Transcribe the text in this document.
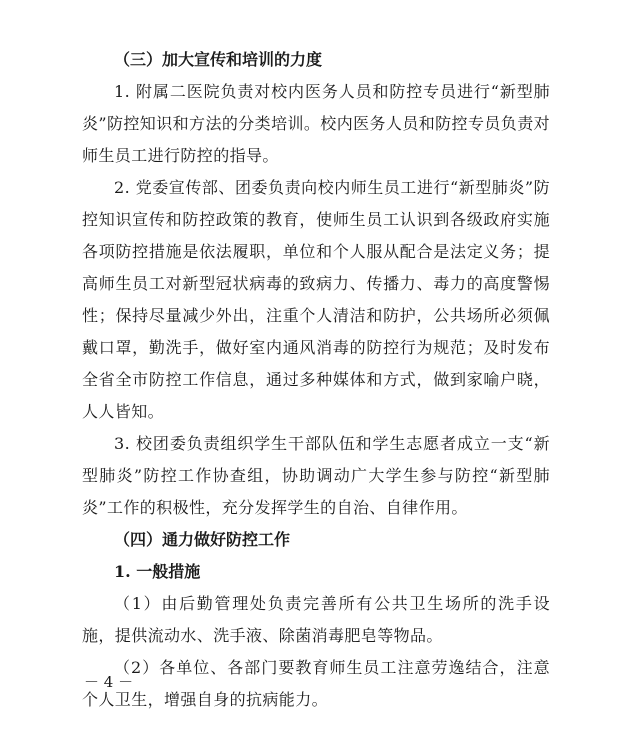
（三）加大宣传和培训的力度

1. 附属二医院负责对校内医务人员和防控专员进行“新型肺炎”防控知识和方法的分类培训。校内医务人员和防控专员负责对师生员工进行防控的指导。

2. 党委宣传部、团委负责向校内师生员工进行“新型肺炎”防控知识宣传和防控政策的教育，使师生员工认识到各级政府实施各项防控措施是依法履职，单位和个人服从配合是法定义务；提高师生员工对新型冠状病毒的致病力、传播力、毒力的高度警惕性；保持尽量减少外出，注重个人清洁和防护，公共场所必须佩戴口罩，勤洗手，做好室内通风消毒的防控行为规范；及时发布全省全市防控工作信息，通过多种媒体和方式，做到家喻户晓，人人皆知。

3. 校团委负责组织学生干部队伍和学生志愿者成立一支“新型肺炎”防控工作协查组，协助调动广大学生参与防控“新型肺炎”工作的积极性，充分发挥学生的自治、自律作用。

（四）通力做好防控工作

1. 一般措施

（1）由后勤管理处负责完善所有公共卫生场所的洗手设施，提供流动水、洗手液、除菌消毒肥皂等物品。

（2）各单位、各部门要教育师生员工注意劳逸结合，注意个人卫生，增强自身的抗病能力。

－ 4 －
